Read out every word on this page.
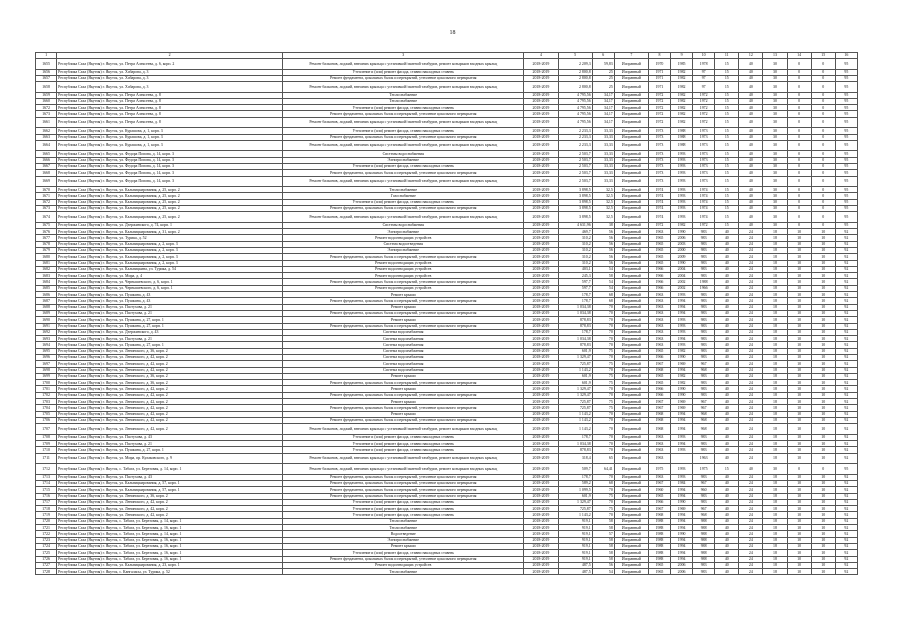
18
1	2	3	4	5	6	7	8	9	10	11	12	13	14	15	16
1655	Республика Саха (Якутия) г. Якутск, ул. Петра Алексеева, д. 6, корп. 2	Ремонт балконов, лоджий, внешних крыльца с установкой/заменой тамбуров, ремонт козырьков входных крыльц	2018-2019	2 209,3	59,83	Исправный	1970	1985	1978	15	40	30	0	0	95
1656	Республика Саха (Якутия) г. Якутск, ул. Хабарова, д. 3	Утепление и (или) ремонт фасада, ставни накладных ставень	2018-2019	2 800,8	25	Исправный	1971	1982	97	15	40	30	0	0	95
1657	Республика Саха (Якутия) г. Якутск, ул. Хабарова, д. 3	Ремонт фундамента, цокольных балок и перекрытий, утепление цокольного перекрытия	2018-2019	2 800,8	25	Исправный	1971	1982	97	15	40	30	0	0	95
1658	Республика Саха (Якутия) г. Якутск, ул. Хабарова, д. 3	Ремонт балконов, лоджий, внешних крыльца с установкой/заменой тамбуров, ремонт козырьков входных крыльц	2018-2019	2 800,8	25	Исправный	1971	1982	97	15	40	30	0	0	95
1659	Республика Саха (Якутия) г. Якутск, ул. Петра Алексеева, д. 8	Теплоснабжение	2018-2019	4 795,56	34,17	Исправный	1972	1982	1972	15	40	30	0	0	95
1660	Республика Саха (Якутия) г. Якутск, ул. Петра Алексеева, д. 8	Теплоснабжение	2018-2019	4 795,56	34,17	Исправный	1972	1982	1972	15	40	30	0	0	95
1672	Республика Саха (Якутия) г. Якутск, ул. Петра Алексеева, д. 8	Утепление и (или) ремонт фасада, ставни накладных ставень	2018-2019	4 795,56	34,17	Исправный	1972	1982	1972	15	40	30	0	0	95
1673	Республика Саха (Якутия) г. Якутск, ул. Петра Алексеева, д. 8	Ремонт фундамента, цокольных балок и перекрытий, утепление цокольного перекрытия	2018-2019	4 795,56	34,17	Исправный	1972	1982	1972	15	40	30	0	0	95
1661	Республика Саха (Якутия) г. Якутск, ул. Петра Алексеева, д. 8	Ремонт балконов, лоджий, внешних крыльца с установкой/заменой тамбуров, ремонт козырьков входных крыльц	2018-2019	4 795,56	34,17	Исправный	1972	1982	1972	15	40	30	0	0	95
1662	Республика Саха (Якутия) г. Якутск, ул. Курашова, д. 1, корп. 3	Утепление и (или) ремонт фасада, ставни накладных ставень	2018-2019	2 233,3	33,33	Исправный	1973	1988	1973	15	40	30	0	0	95
1663	Республика Саха (Якутия) г. Якутск, ул. Курашова, д. 1, корп. 3	Ремонт фундамента, цокольных балок и перекрытий, утепление цокольного перекрытия	2018-2019	2 233,3	33,33	Исправный	1973	1988	1973	15	40	30	0	0	95
1664	Республика Саха (Якутия) г. Якутск, ул. Курашова, д. 1, корп. 3	Ремонт балконов, лоджий, внешних крыльца с установкой/заменой тамбуров, ремонт козырьков входных крыльц	2018-2019	2 233,3	33,33	Исправный	1973	1988	1973	15	40	30	0	0	95
1665	Республика Саха (Якутия) г. Якутск, ул. Федора Попова, д. 14, корп. 3	Системы водоснабжения	2018-2019	2 503,7	33,33	Исправный	1973	1993	1973	15	40	30	0	0	95
1666	Республика Саха (Якутия) г. Якутск, ул. Федора Попова, д. 14, корп. 3	Электроснабжение	2018-2019	2 503,7	33,33	Исправный	1973	1993	1973	15	40	30	0	0	95
1667	Республика Саха (Якутия) г. Якутск, ул. Федора Попова, д. 14, корп. 3	Утепление и (или) ремонт фасада, ставни накладных ставень	2018-2019	2 503,7	33,33	Исправный	1973	1993	1973	15	40	30	0	0	95
1668	Республика Саха (Якутия) г. Якутск, ул. Федора Попова, д. 14, корп. 3	Ремонт фундамента, цокольных балок и перекрытий, утепление цокольного перекрытия	2018-2019	2 503,7	33,33	Исправный	1973	1993	1973	15	40	30	0	0	95
1669	Республика Саха (Якутия) г. Якутск, ул. Федора Попова, д. 14, корп. 3	Ремонт балконов, лоджий, внешних крыльца с установкой/заменой тамбуров, ремонт козырьков входных крыльц	2018-2019	2 503,7	33,33	Исправный	1973	1993	1973	15	40	30	0	0	95
1670	Республика Саха (Якутия) г. Якутск, ул. Кальвицкирования, д. 25, корп. 2	Теплоснабжение	2018-2019	3 898,5	32,5	Исправный	1974	1993	1974	15	40	30	0	0	95
1671	Республика Саха (Якутия) г. Якутск, ул. Кальвицкирования, д. 25, корп. 2	Газоснабжение	2018-2019	3 898,5	32,5	Исправный	1974	1993	1974	15	40	30	0	0	95
1672	Республика Саха (Якутия) г. Якутск, ул. Кальвицкирования, д. 25, корп. 2	Утепление и (или) ремонт фасада, ставни накладных ставень	2018-2019	3 898,5	32,5	Исправный	1974	1993	1974	15	40	30	0	0	95
1673	Республика Саха (Якутия) г. Якутск, ул. Кальвицкирования, д. 25, корп. 2	Ремонт фундамента, цокольных балок и перекрытий, утепление цокольного перекрытия	2018-2019	3 898,5	32,5	Исправный	1974	1993	1974	15	40	30	0	0	95
1674	Республика Саха (Якутия) г. Якутск, ул. Кальвицкирования, д. 25, корп. 2	Ремонт балконов, лоджий, внешних крыльца с установкой/заменой тамбуров, ремонт козырьков входных крыльц	2018-2019	3 898,5	32,5	Исправный	1974	1993	1974	15	40	30	0	0	95
1675	Республика Саха (Якутия) г. Якутск, ул. Дзержинского, д. 74, корп. 1	Системы водоснабжения	2018-2019	4 631,96	38	Исправный	1972	1982	1972	15	40	30	0	0	95
1676	Республика Саха (Якутия) г. Якутск, ул. Кальвицкирования, д. 31, корп. 2	Электроснабжение	2018-2019	469,7	56	Исправный	1963	1990	983	40	24	18	10	10	92
1677	Республика Саха (Якутия) г. Якутск, ул. Турика, д. 52	Ремонт водоотводящих устройств	2018-2019	310,2	56	Исправный	1965	2006	983	40	24	18	10	10	92
1678	Республика Саха (Якутия) г. Якутск, ул. Кальвицкирования, д. 2, корп. 3	Система водоотведения	2018-2019	310,2	56	Исправный	1965	2003	983	40	24	18	10	10	92
1679	Республика Саха (Якутия) г. Якутск, ул. Кальвицкирования, д. 2, корп. 3	Электроснабжение	2018-2019	310,2	56	Исправный	1965	2000	983	40	24	18	10	10	92
1680	Республика Саха (Якутия) г. Якутск, ул. Кальвицкирования, д. 2, корп. 3	Ремонт фундамента, цокольных балок и перекрытий, утепление цокольного перекрытия	2018-2019	310,2	56	Исправный	1965	2009	983	40	24	18	10	10	92
1681	Республика Саха (Якутия) г. Якутск, ул. Кальвицкирования, д. 2, корп. 3	Ремонт водоотводящих устройств	2018-2019	310,2	56	Исправный	1965	1990	983	40	24	18	10	10	92
1682	Республика Саха (Якутия) г. Якутск, ул. Кальвицкина, ул. Турика, д. 54	Ремонт водоотводящих устройств	2018-2019	403,1	54	Исправный	1966	2004	983	40	24	18	10	10	92
1683	Республика Саха (Якутия) г. Якутск, ул. Мира, д. 4	Ремонт водоотводящих устройств	2018-2019	245,3	58	Исправный	1966	2004	983	40	24	18	10	10	92
1684	Республика Саха (Якутия) г. Якутск, ул. Чернышевского, д. 6, корп. 1	Ремонт фундамента, цокольных балок и перекрытий, утепление цокольного перекрытия	2018-2019	597,7	54	Исправный	1966	2002	1988	40	24	18	10	10	92
1685	Республика Саха (Якутия) г. Якутск, ул. Чернышевского, д. 6, корп. 1	Ремонт водоотводящих устройств	2018-2019	597,7	54	Исправный	1966	2002	1966	40	24	18	10	10	92
1686	Республика Саха (Якутия) г. Якутск, ул. Пушкина, д. 43	Ремонт крыши	2018-2019	178,7	68	Исправный	1963	1993	983	40	24	18	10	10	92
1687	Республика Саха (Якутия) г. Якутск, ул. Пушкина, д. 43	Ремонт фундамента, цокольных балок и перекрытий, утепление цокольного перекрытия	2018-2019	178,7	68	Исправный	1963	1994	983	40	24	18	10	10	92
1688	Республика Саха (Якутия) г. Якутск, ул. Пастухова, д. 21	Ремонт крыши	2018-2019	1 034,38	70	Исправный	1963	1994	983	40	24	18	10	10	92
1689	Республика Саха (Якутия) г. Якутск, ул. Пастухова, д. 21	Ремонт фундамента, цокольных балок и перекрытий, утепление цокольного перекрытия	2018-2019	1 034,38	70	Исправный	1963	1994	983	40	24	18	10	10	92
1690	Республика Саха (Якутия) г. Якутск, ул. Пушкина, д. 27, корп. 1	Ремонт крыши	2018-2019	878,83	70	Исправный	1963	1993	983	40	24	18	10	10	92
1691	Республика Саха (Якутия) г. Якутск, ул. Пушкина, д. 27, корп. 1	Ремонт фундамента, цокольных балок и перекрытий, утепление цокольного перекрытия	2018-2019	878,83	70	Исправный	1963	1993	983	40	24	18	10	10	92
1692	Республика Саха (Якутия) г. Якутск, ул. Дзержинского, д. 43	Система водоснабжения	2018-2019	178,7	70	Исправный	1963	1993	983	40	24	18	10	10	92
1693	Республика Саха (Якутия) г. Якутск, ул. Пастухова, д. 21	Система водоснабжения	2018-2019	1 034,38	70	Исправный	1963	1994	983	40	24	18	10	10	92
1694	Республика Саха (Якутия) г. Якутск, ул. Пушкина, д. 27, корп. 1	Система водоснабжения	2018-2019	878,83	70	Исправный	1963	1993	983	40	24	18	10	10	92
1695	Республика Саха (Якутия) г. Якутск, ул. Ленинского, д. 36, корп. 2	Система водоснабжения	2018-2019	601,9	75	Исправный	1965	1982	983	40	24	18	10	10	92
1696	Республика Саха (Якутия) г. Якутск, ул. Ленинского, д. 42, корп. 2	Система водоснабжения	2018-2019	1 329,47	70	Исправный	1966	1990	983	40	24	18	10	10	92
1697	Республика Саха (Якутия) г. Якутск, ул. Ленинского, д. 42, корп. 2	Система водоснабжения	2018-2019	725,87	75	Исправный	1967	1969	967	40	24	18	10	10	92
1698	Республика Саха (Якутия) г. Якутск, ул. Ленинского, д. 42, корп. 2	Система водоснабжения	2018-2019	1 143,2	70	Исправный	1968	1994	968	40	24	18	10	10	92
1699	Республика Саха (Якутия) г. Якутск, ул. Ленинского, д. 36, корп. 2	Ремонт крыши	2018-2019	601,9	75	Исправный	1965	1982	983	40	24	18	10	10	92
1700	Республика Саха (Якутия) г. Якутск, ул. Ленинского, д. 36, корп. 2	Ремонт фундамента, цокольных балок и перекрытий, утепление цокольного перекрытия	2018-2019	601,9	75	Исправный	1965	1982	983	40	24	18	10	10	92
1701	Республика Саха (Якутия) г. Якутск, ул. Ленинского, д. 42, корп. 2	Ремонт крыши	2018-2019	1 329,47	70	Исправный	1966	1990	983	40	24	18	10	10	92
1702	Республика Саха (Якутия) г. Якутск, ул. Ленинского, д. 42, корп. 2	Ремонт фундамента, цокольных балок и перекрытий, утепление цокольного перекрытия	2018-2019	1 329,47	70	Исправный	1966	1990	983	40	24	18	10	10	92
1703	Республика Саха (Якутия) г. Якутск, ул. Ленинского, д. 42, корп. 2	Ремонт крыши	2018-2019	725,87	75	Исправный	1967	1969	967	40	24	18	10	10	92
1704	Республика Саха (Якутия) г. Якутск, ул. Ленинского, д. 42, корп. 2	Ремонт фундамента, цокольных балок и перекрытий, утепление цокольного перекрытия	2018-2019	725,87	75	Исправный	1967	1969	967	40	24	18	10	10	92
1705	Республика Саха (Якутия) г. Якутск, ул. Ленинского, д. 42, корп. 2	Ремонт крыши	2018-2019	1 143,2	70	Исправный	1968	1994	968	40	24	18	10	10	92
1706	Республика Саха (Якутия) г. Якутск, ул. Ленинского, д. 42, корп. 2	Ремонт фундамента, цокольных балок и перекрытий, утепление цокольного перекрытия	2018-2019	1 143,2	70	Исправный	1968	1994	968	40	24	18	10	10	92
1707	Республика Саха (Якутия) г. Якутск, ул. Ленинского, д. 42, корп. 2	Ремонт балконов, лоджий, внешних крыльца с установкой/заменой тамбуров, ремонт козырьков входных крыльц	2018-2019	1 143,2	70	Исправный	1968	1994	968	40	24	18	10	10	92
1708	Республика Саха (Якутия) г. Якутск, ул. Пастухова, д. 43	Утепление и (или) ремонт фасада, ставни накладных ставень	2018-2019	178,7	70	Исправный	1963	1993	983	40	24	18	10	10	92
1709	Республика Саха (Якутия) г. Якутск, ул. Пастухова, д. 21	Утепление и (или) ремонт фасада, ставни накладных ставень	2018-2019	1 034,38	70	Исправный	1963	1994	983	40	24	18	10	10	92
1710	Республика Саха (Якутия) г. Якутск, ул. Пушкина, д. 27, корп. 1	Утепление и (или) ремонт фасада, ставни накладных ставень	2018-2019	878,83	70	Исправный	1963	1993	983	40	24	18	10	10	92
1711	Республика Саха (Якутия) г. Якутск, ул. Мира, пр. Кулаковского, д. 9	Ремонт балконов, лоджий, внешних крыльца с установкой/заменой тамбуров, ремонт козырьков входных крыльц	2018-2019	318,4	65	Исправный	1963		1963	40	24	18	10	10	92
1712	Республика Саха (Якутия) г. Якутск, с. Табага, ул. Березовая, д. 14, корп. 1	Ремонт балконов, лоджий, внешних крыльца с установкой/заменой тамбуров, ремонт козырьков входных крыльц	2018-2019	509,7	64,41	Исправный	1975	1993	1975	15	40	30	0	0	95
1713	Республика Саха (Якутия) г. Якутск, ул. Пастухова, д. 43	Ремонт фундамента, цокольных балок и перекрытий, утепление цокольного перекрытия	2018-2019	178,7	70	Исправный	1963	1993	983	40	24	18	10	10	92
1714	Республика Саха (Якутия) г. Якутск, ул. Кальвицкирования, д. 57, корп. 1	Ремонт фундамента, цокольных балок и перекрытий, утепление цокольного перекрытия	2018-2019	589,2	68	Исправный	1967	1984	967	40	24	18	10	10	92
1715	Республика Саха (Якутия) г. Якутск, ул. Кальвицкирования, д. 57, корп. 1	Ремонт фундамента, цокольных балок и перекрытий, утепление цокольного перекрытия	2018-2019	1 099,5	70	Исправный	1960	1994	960	40	24	18	10	10	92
1716	Республика Саха (Якутия) г. Якутск, ул. Ленинского, д. 36, корп. 2	Ремонт фундамента, цокольных балок и перекрытий, утепление цокольного перекрытия	2018-2019	601,9	75	Исправный	1965	1994	983	40	24	18	10	10	92
1717	Республика Саха (Якутия) г. Якутск, ул. Ленинского, д. 42, корп. 2	Утепление и (или) ремонт фасада, ставни накладных ставень	2018-2019	1 329,47	70	Исправный	1966	1990	983	40	24	18	10	10	92
1718	Республика Саха (Якутия) г. Якутск, ул. Ленинского, д. 42, корп. 2	Утепление и (или) ремонт фасада, ставни накладных ставень	2018-2019	725,87	75	Исправный	1967	1969	967	40	24	18	10	10	92
1719	Республика Саха (Якутия) г. Якутск, ул. Ленинского, д. 42, корп. 2	Утепление и (или) ремонт фасада, ставни накладных ставень	2018-2019	1 143,2	70	Исправный	1968	1994	968	40	24	18	10	10	92
1720	Республика Саха (Якутия) г. Якутск, с. Табага, ул. Березовая, д. 14, корп. 1	Теплоснабжение	2018-2019	919,1	58	Исправный	1988	1994	988	40	24	18	10	10	92
1721	Республика Саха (Якутия) г. Якутск, с. Табага, ул. Березовая, д. 16, корп. 1	Теплоснабжение	2018-2019	919,1	58	Исправный	1988	1994	988	40	24	18	10	10	92
1722	Республика Саха (Якутия) г. Якутск, с. Табага, ул. Березовая, д. 14, корп. 1	Водоотведение	2018-2019	919,1	57	Исправный	1988	1990	988	40	24	18	10	10	92
1723	Республика Саха (Якутия) г. Якутск, с. Табага, ул. Березовая, д. 16, корп. 1	Электроснабжение	2018-2019	919,1	58	Исправный	1988	1994	988	40	24	18	10	10	92
1724	Республика Саха (Якутия) г. Якутск, с. Табага, ул. Березовая, д. 16, корп. 1	Ремонт крыши	2018-2019	919,1	58	Исправный	1988	1994	988	40	24	18	10	10	92
1725	Республика Саха (Якутия) г. Якутск, с. Табага, ул. Березовая, д. 16, корп. 1	Утепление и (или) ремонт фасада, ставни накладных ставень	2018-2019	919,1	58	Исправный	1988	1994	988	40	24	18	10	10	92
1726	Республика Саха (Якутия) г. Якутск, с. Табага, ул. Березовая, д. 16, корп. 1	Ремонт фундамента, цокольных балок и перекрытий, утепление цокольного перекрытия	2018-2019	919,1	58	Исправный	1988	1994	988	40	24	18	10	10	92
1727	Республика Саха (Якутия) г. Якутск, ул. Кальвицкирования, д. 23, корп. 1	Ремонт водоотводящих устройств	2018-2019	487,5	56	Исправный	1965	2006	983	40	24	18	10	10	92
1728	Республика Саха (Якутия) г. Якутск, с. Кангаласы, ул. Турика, д. 52	Теплоснабжение	2018-2019	487,5	54	Исправный	1965	2006	983	40	24	18	10	10	92
